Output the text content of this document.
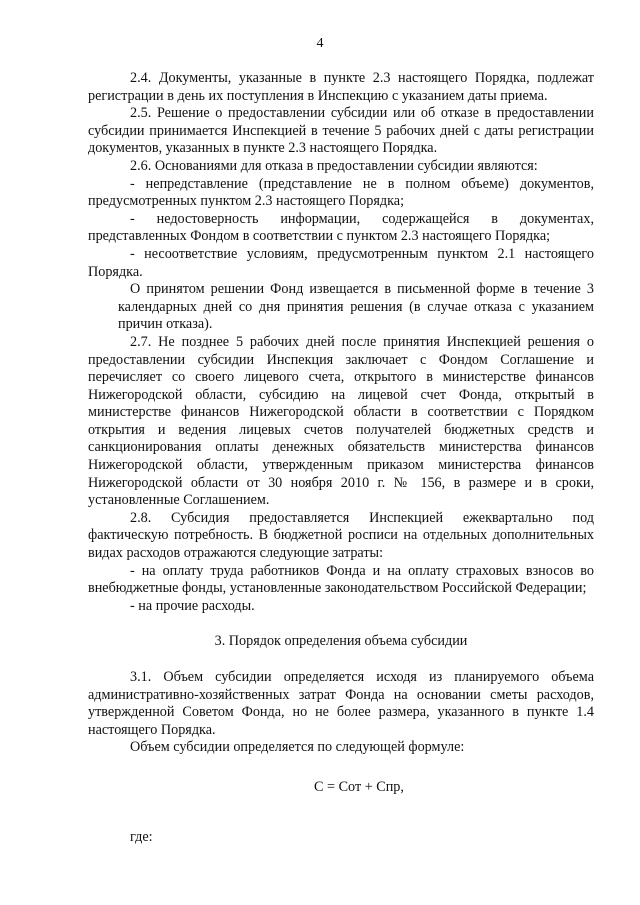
4

2.4. Документы, указанные в пункте 2.3 настоящего Порядка, подлежат регистрации в день их поступления в Инспекцию с указанием даты приема.

2.5. Решение о предоставлении субсидии или об отказе в предоставлении субсидии принимается Инспекцией в течение 5 рабочих дней с даты регистрации документов, указанных в пункте 2.3 настоящего Порядка.

2.6. Основаниями для отказа в предоставлении субсидии являются:

- непредставление (представление не в полном объеме) документов, предусмотренных пунктом 2.3 настоящего Порядка;

- недостоверность информации, содержащейся в документах, представленных Фондом в соответствии с пунктом 2.3 настоящего Порядка;

- несоответствие условиям, предусмотренным пунктом 2.1 настоящего Порядка.

О принятом решении Фонд извещается в письменной форме в течение 3 календарных дней со дня принятия решения (в случае отказа с указанием причин отказа).

2.7. Не позднее 5 рабочих дней после принятия Инспекцией решения о предоставлении субсидии Инспекция заключает с Фондом Соглашение и перечисляет со своего лицевого счета, открытого в министерстве финансов Нижегородской области, субсидию на лицевой счет Фонда, открытый в министерстве финансов Нижегородской области в соответствии с Порядком открытия и ведения лицевых счетов получателей бюджетных средств и санкционирования оплаты денежных обязательств министерства финансов Нижегородской области, утвержденным приказом министерства финансов Нижегородской области от 30 ноября 2010 г. № 156, в размере и в сроки, установленные Соглашением.

2.8. Субсидия предоставляется Инспекцией ежеквартально под фактическую потребность. В бюджетной росписи на отдельных дополнительных видах расходов отражаются следующие затраты:

- на оплату труда работников Фонда и на оплату страховых взносов во внебюджетные фонды, установленные законодательством Российской Федерации;

- на прочие расходы.

3. Порядок определения объема субсидии

3.1. Объем субсидии определяется исходя из планируемого объема административно-хозяйственных затрат Фонда на основании сметы расходов, утвержденной Советом Фонда, но не более размера, указанного в пункте 1.4 настоящего Порядка.

Объем субсидии определяется по следующей формуле:

С = Сот + Спр,

где:
